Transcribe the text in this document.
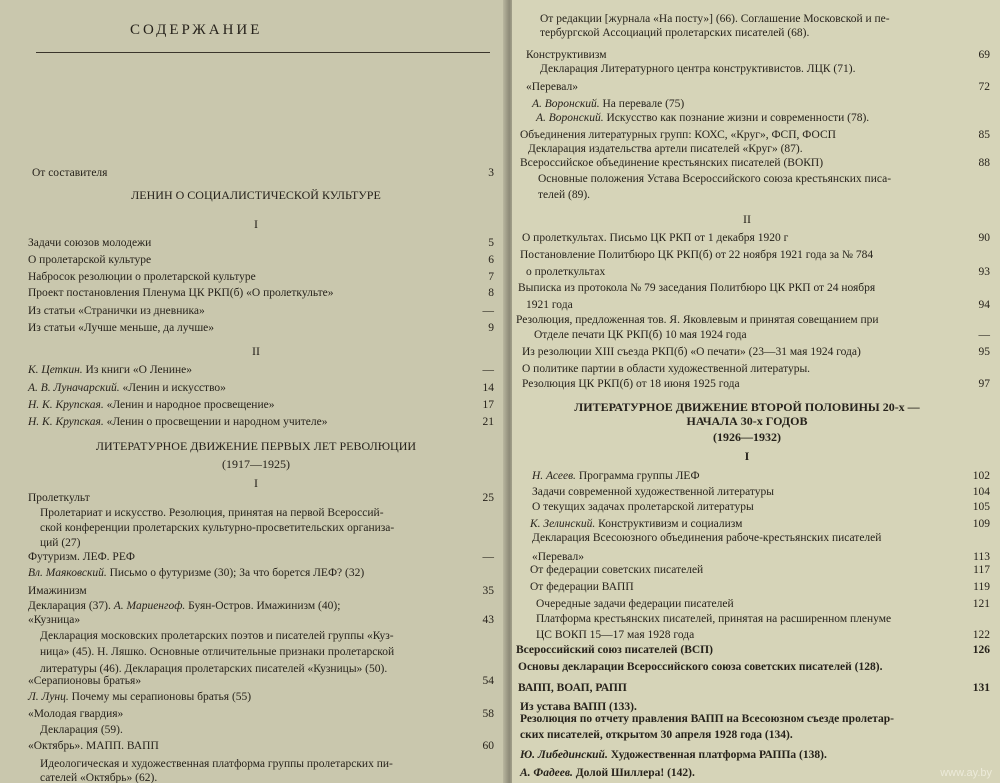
СОДЕРЖАНИЕ
От составителя	3
ЛЕНИН О СОЦИАЛИСТИЧЕСКОЙ КУЛЬТУРЕ
I
Задачи союзов молодежи	5
О пролетарской культуре	6
Набросок резолюции о пролетарской культуре	7
Проект постановления Пленума ЦК РКП(б) «О пролеткульте»	8
Из статьи «Странички из дневника»	—
Из статьи «Лучше меньше, да лучше»	9
II
К. Цеткин. Из книги «О Ленине»	—
А. В. Луначарский. «Ленин и искусство»	14
Н. К. Крупская. «Ленин и народное просвещение»	17
Н. К. Крупская. «Ленин о просвещении и народном учителе»	21
ЛИТЕРАТУРНОЕ ДВИЖЕНИЕ ПЕРВЫХ ЛЕТ РЕВОЛЮЦИИ
(1917—1925)
I
Пролеткульт	25
Пролетариат и искусство. Резолюция, принятая на первой Всероссий-
ской конференции пролетарских культурно-просветительских организа-
ций (27)
Футуризм. ЛЕФ. РЕФ	—
Вл. Маяковский. Письмо о футуризме (30); За что борется ЛЕФ? (32)
Имажинизм	35
Декларация (37). А. Мариенгоф. Буян-Остров. Имажинизм (40);
«Кузница»	43
Декларация московских пролетарских поэтов и писателей группы «Куз-
ница» (45). Н. Ляшко. Основные отличительные признаки пролетарской
литературы (46). Декларация пролетарских писателей «Кузницы» (50).
«Серапионовы братья»	54
Л. Лунц. Почему мы серапионовы братья (55)
«Молодая гвардия»	58
Декларация (59).
«Октябрь». МАПП. ВАПП	60
Идеологическая и художественная платформа группы пролетарских пи-
сателей «Октябрь» (62).
От редакции [журнала «На посту»] (66). Соглашение Московской и пе-
тербургской Ассоциаций пролетарских писателей (68).
Конструктивизм	69
Декларация Литературного центра конструктивистов. ЛЦК (71).
«Перевал»	72
А. Воронский. На перевале (75)
А. Воронский. Искусство как познание жизни и современности (78).
Объединения литературных групп: КОХС, «Круг», ФСП, ФОСП	85
Декларация издательства артели писателей «Круг» (87).
Всероссийское объединение крестьянских писателей (ВОКП)	88
Основные положения Устава Всероссийского союза крестьянских писа-
телей (89).
II
О пролеткультах. Письмо ЦК РКП от 1 декабря 1920 г	90
Постановление Политбюро ЦК РКП(б) от 22 ноября 1921 года за № 784
о пролеткультах	93
Выписка из протокола № 79 заседания Политбюро ЦК РКП от 24 ноября
1921 года	94
Резолюция, предложенная тов. Я. Яковлевым и принятая совещанием при
Отделе печати ЦК РКП(б) 10 мая 1924 года	—
Из резолюции XIII съезда РКП(б) «О печати» (23—31 мая 1924 года)	95
О политике партии в области художественной литературы.
Резолюция ЦК РКП(б) от 18 июня 1925 года	97
ЛИТЕРАТУРНОЕ ДВИЖЕНИЕ ВТОРОЙ ПОЛОВИНЫ 20-х —
НАЧАЛА 30-х ГОДОВ
(1926—1932)
I
Н. Асеев. Программа группы ЛЕФ	102
Задачи современной художественной литературы	104
О текущих задачах пролетарской литературы	105
К. Зелинский. Конструктивизм и социализм	109
Декларация Всесоюзного объединения рабоче-крестьянских писателей
«Перевал»	113
От федерации советских писателей	117
От федерации ВАПП	119
Очередные задачи федерации писателей	121
Платформа крестьянских писателей, принятая на расширенном пленуме
ЦС ВОКП 15—17 мая 1928 года	122
Всероссийский союз писателей (ВСП)	126
Основы декларации Всероссийского союза советских писателей (128).
ВАПП, ВОАП, РАПП	131
Из устава ВАПП (133).
Резолюция по отчету правления ВАПП на Всесоюзном съезде пролетар-
ских писателей, открытом 30 апреля 1928 года (134).
Ю. Либединский. Художественная платформа РАППа (138).
А. Фадеев. Долой Шиллера! (142).	www.ay.by
